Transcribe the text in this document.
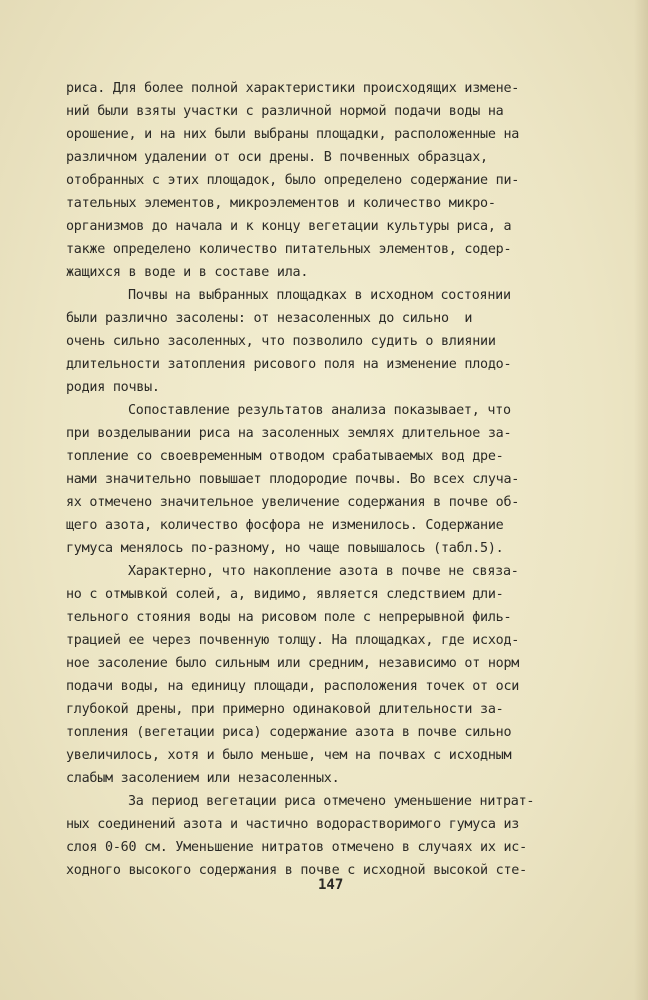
риса. Для более полной характеристики происходящих измене-
ний были взяты участки с различной нормой подачи воды на
орошение, и на них были выбраны площадки, расположенные на
различном удалении от оси дрены. В почвенных образцах,
отобранных с этих площадок, было определено содержание пи-
тательных элементов, микроэлементов и количество микро-
организмов до начала и к концу вегетации культуры риса, а
также определено количество питательных элементов, содер-
жащихся в воде и в составе ила.
Почвы на выбранных площадках в исходном состоянии
были различно засолены: от незасоленных до сильно  и
очень сильно засоленных, что позволило судить о влиянии
длительности затопления рисового поля на изменение плодо-
родия почвы.
Сопоставление результатов анализа показывает, что
при возделывании риса на засоленных землях длительное за-
топление со своевременным отводом срабатываемых вод дре-
нами значительно повышает плодородие почвы. Во всех случа-
ях отмечено значительное увеличение содержания в почве об-
щего азота, количество фосфора не изменилось. Содержание
гумуса менялось по-разному, но чаще повышалось (табл.5).
Характерно, что накопление азота в почве не связа-
но с отмывкой солей, а, видимо, является следствием дли-
тельного стояния воды на рисовом поле с непрерывной филь-
трацией ее через почвенную толщу. На площадках, где исход-
ное засоление было сильным или средним, независимо от норм
подачи воды, на единицу площади, расположения точек от оси
глубокой дрены, при примерно одинаковой длительности за-
топления (вегетации риса) содержание азота в почве сильно
увеличилось, хотя и было меньше, чем на почвах с исходным
слабым засолением или незасоленных.
За период вегетации риса отмечено уменьшение нитрат-
ных соединений азота и частично водорастворимого гумуса из
слоя 0-60 см. Уменьшение нитратов отмечено в случаях их ис-
ходного высокого содержания в почве с исходной высокой сте-
147
